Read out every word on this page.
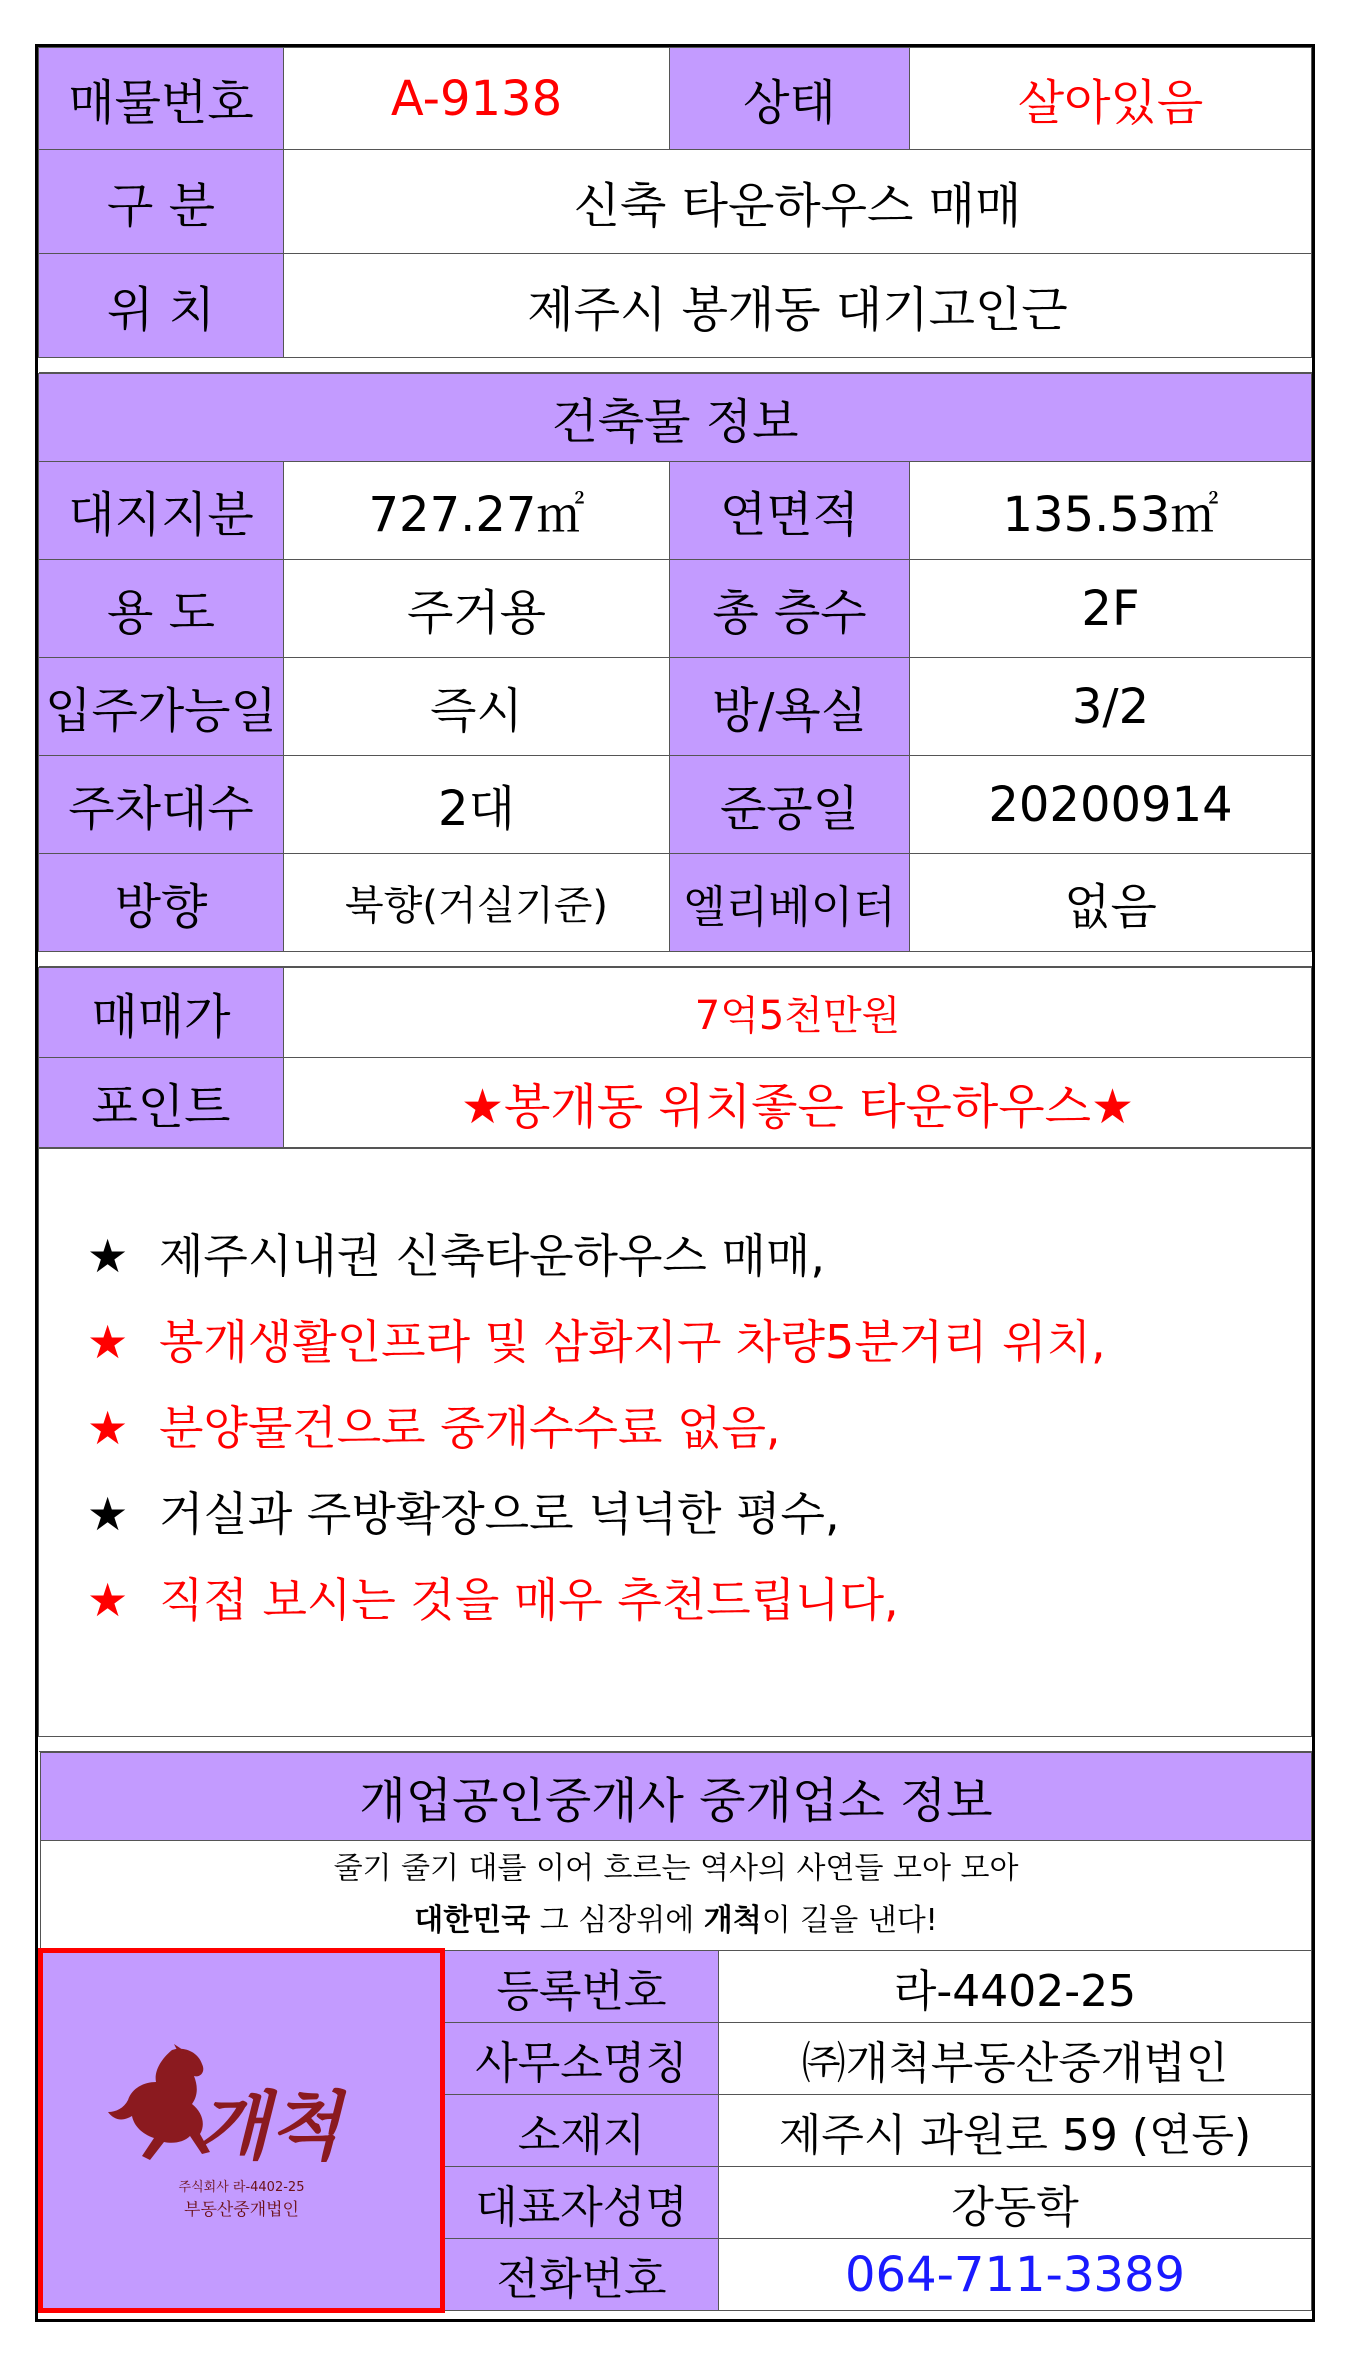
매물번호	A-9138	상태	살아있음
구 분	신축 타운하우스 매매		
위 치	제주시 봉개동 대기고인근		

건축물 정보			
대지지분	727.27㎡	연면적	135.53㎡
용 도	주거용	총 층수	2F
입주가능일	즉시	방/욕실	3/2
주차대수	2대	준공일	20200914
방향	북향(거실기준)	엘리베이터	없음

매매가	7억5천만원
포인트	★봉개동 위치좋은 타운하우스★
★ 제주시내권 신축타운하우스 매매,
★ 봉개생활인프라 및 삼화지구 차량5분거리 위치,
★ 분양물건으로 중개수수료 없음,
★ 거실과 주방확장으로 넉넉한 평수,
★ 직접 보시는 것을 매우 추천드립니다,

개업공인중개사 중개업소 정보		

줄기 줄기 대를 이어 흐르는 역사의 사연들 모아 모아
대한민국 그 심장위에 개척이 길을 낸다!		

개척
주식회사 라-4402-25
부동산중개법인	등록번호	라-4402-25
	사무소명칭	㈜개척부동산중개법인
	소재지	제주시 과원로 59 (연동)
	대표자성명	강동학
	전화번호	064-711-3389
